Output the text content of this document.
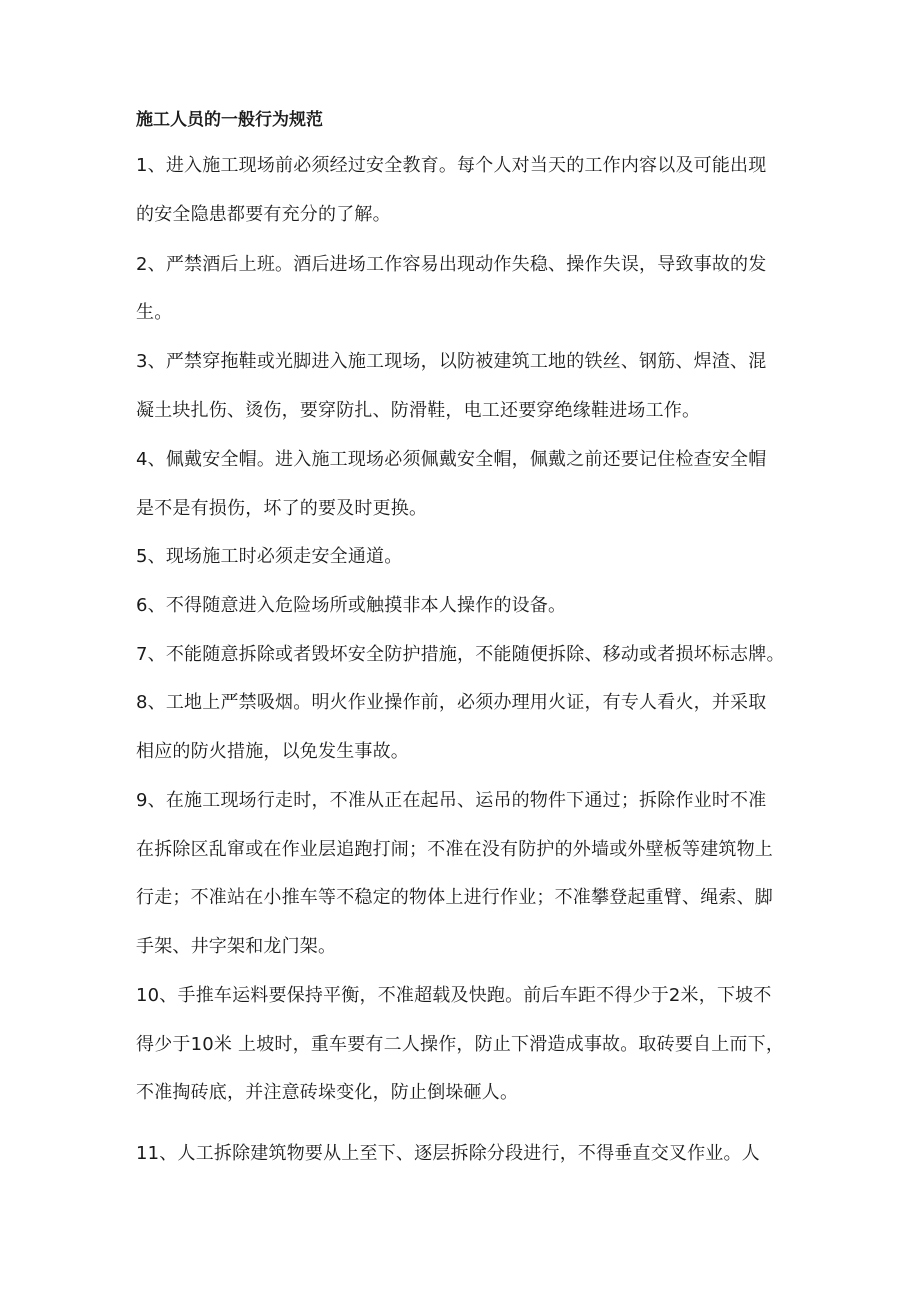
施工人员的一般行为规范
1、进入施工现场前必须经过安全教育。每个人对当天的工作内容以及可能出现
的安全隐患都要有充分的了解。
2、严禁酒后上班。酒后进场工作容易出现动作失稳、操作失误，导致事故的发
生。
3、严禁穿拖鞋或光脚进入施工现场，以防被建筑工地的铁丝、钢筋、焊渣、混
凝土块扎伤、烫伤，要穿防扎、防滑鞋，电工还要穿绝缘鞋进场工作。
4、佩戴安全帽。进入施工现场必须佩戴安全帽，佩戴之前还要记住检查安全帽
是不是有损伤，坏了的要及时更换。
5、现场施工时必须走安全通道。
6、不得随意进入危险场所或触摸非本人操作的设备。
7、不能随意拆除或者毁坏安全防护措施，不能随便拆除、移动或者损坏标志牌。
8、工地上严禁吸烟。明火作业操作前，必须办理用火证，有专人看火，并采取
相应的防火措施，以免发生事故。
9、在施工现场行走时，不准从正在起吊、运吊的物件下通过；拆除作业时不准
在拆除区乱窜或在作业层追跑打闹；不准在没有防护的外墙或外壁板等建筑物上
行走；不准站在小推车等不稳定的物体上进行作业；不准攀登起重臂、绳索、脚
手架、井字架和龙门架。
10、手推车运料要保持平衡，不准超载及快跑。前后车距不得少于2米，下坡不
得少于10米 上坡时，重车要有二人操作，防止下滑造成事故。取砖要自上而下，
不准掏砖底，并注意砖垛变化，防止倒垛砸人。
11、人工拆除建筑物要从上至下、逐层拆除分段进行，不得垂直交叉作业。人
